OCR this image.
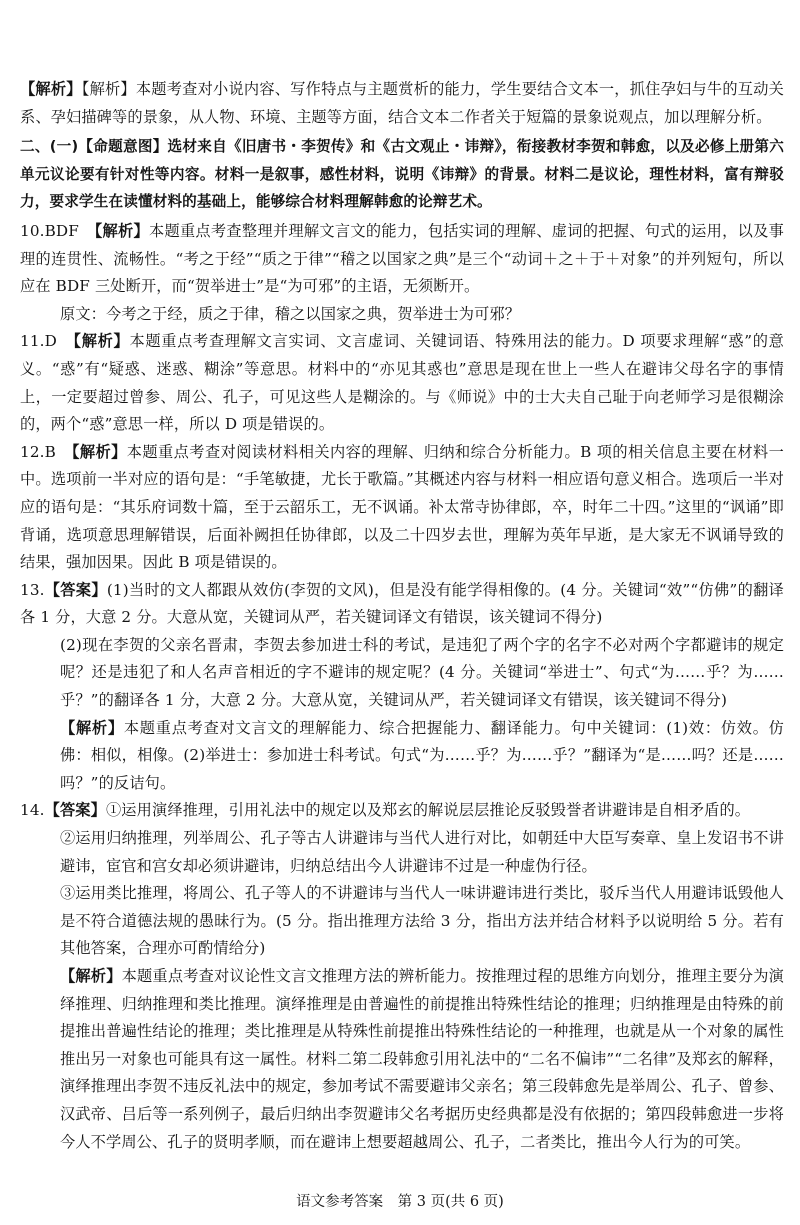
【解析】【解析】本题考查对小说内容、写作特点与主题赏析的能力，学生要结合文本一，抓住孕妇与牛的互动关系、孕妇描碑等的景象，从人物、环境、主题等方面，结合文本二作者关于短篇的景象说观点，加以理解分析。

二、(一)【命题意图】选材来自《旧唐书・李贺传》和《古文观止・讳辩》，衔接教材李贺和韩愈，以及必修上册第六单元议论要有针对性等内容。材料一是叙事，感性材料，说明《讳辩》的背景。材料二是议论，理性材料，富有辩驳力，要求学生在读懂材料的基础上，能够综合材料理解韩愈的论辩艺术。

10.BDF　【解析】本题重点考查整理并理解文言文的能力，包括实词的理解、虚词的把握、句式的运用，以及事理的连贯性、流畅性。“考之于经”“质之于律”“稽之以国家之典”是三个“动词＋之＋于＋对象”的并列短句，所以应在 BDF 三处断开，而“贺举进士”是“为可邪”的主语，无须断开。

原文：今考之于经，质之于律，稽之以国家之典，贺举进士为可邪？

11.D　【解析】本题重点考查理解文言实词、文言虚词、关键词语、特殊用法的能力。D 项要求理解“惑”的意义。“惑”有“疑惑、迷惑、糊涂”等意思。材料中的“亦见其惑也”意思是现在世上一些人在避讳父母名字的事情上，一定要超过曾参、周公、孔子，可见这些人是糊涂的。与《师说》中的士大夫自己耻于向老师学习是很糊涂的，两个“惑”意思一样，所以 D 项是错误的。

12.B　【解析】本题重点考查对阅读材料相关内容的理解、归纳和综合分析能力。B 项的相关信息主要在材料一中。选项前一半对应的语句是：“手笔敏捷，尤长于歌篇。”其概述内容与材料一相应语句意义相合。选项后一半对应的语句是：“其乐府词数十篇，至于云韶乐工，无不讽诵。补太常寺协律郎，卒，时年二十四。”这里的“讽诵”即背诵，选项意思理解错误，后面补阙担任协律郎，以及二十四岁去世，理解为英年早逝，是大家无不讽诵导致的结果，强加因果。因此 B 项是错误的。

13.【答案】(1)当时的文人都跟从效仿(李贺的文风)，但是没有能学得相像的。(4 分。关键词“效”“仿佛”的翻译各 1 分，大意 2 分。大意从宽，关键词从严，若关键词译文有错误，该关键词不得分)

(2)现在李贺的父亲名晋肃，李贺去参加进士科的考试，是违犯了两个字的名字不必对两个字都避讳的规定呢？还是违犯了和人名声音相近的字不避讳的规定呢？(4 分。关键词“举进士”、句式“为……乎？为……乎？”的翻译各 1 分，大意 2 分。大意从宽，关键词从严，若关键词译文有错误，该关键词不得分)

【解析】本题重点考查对文言文的理解能力、综合把握能力、翻译能力。句中关键词：(1)效：仿效。仿佛：相似，相像。(2)举进士：参加进士科考试。句式“为……乎？为……乎？”翻译为“是……吗？还是……吗？”的反诘句。

14.【答案】①运用演绎推理，引用礼法中的规定以及郑玄的解说层层推论反驳毁誉者讲避讳是自相矛盾的。

②运用归纳推理，列举周公、孔子等古人讲避讳与当代人进行对比，如朝廷中大臣写奏章、皇上发诏书不讲避讳，宦官和宫女却必须讲避讳，归纳总结出今人讲避讳不过是一种虚伪行径。

③运用类比推理，将周公、孔子等人的不讲避讳与当代人一味讲避讳进行类比，驳斥当代人用避讳诋毁他人是不符合道德法规的愚昧行为。(5 分。指出推理方法给 3 分，指出方法并结合材料予以说明给 5 分。若有其他答案，合理亦可酌情给分)

【解析】本题重点考查对议论性文言文推理方法的辨析能力。按推理过程的思维方向划分，推理主要分为演绎推理、归纳推理和类比推理。演绎推理是由普遍性的前提推出特殊性结论的推理；归纳推理是由特殊的前提推出普遍性结论的推理；类比推理是从特殊性前提推出特殊性结论的一种推理，也就是从一个对象的属性推出另一对象也可能具有这一属性。材料二第二段韩愈引用礼法中的“二名不偏讳”“二名律”及郑玄的解释，演绎推理出李贺不违反礼法中的规定，参加考试不需要避讳父亲名；第三段韩愈先是举周公、孔子、曾参、汉武帝、吕后等一系列例子，最后归纳出李贺避讳父名考据历史经典都是没有依据的；第四段韩愈进一步将今人不学周公、孔子的贤明孝顺，而在避讳上想要超越周公、孔子，二者类比，推出今人行为的可笑。

语文参考答案　第 3 页(共 6 页)
